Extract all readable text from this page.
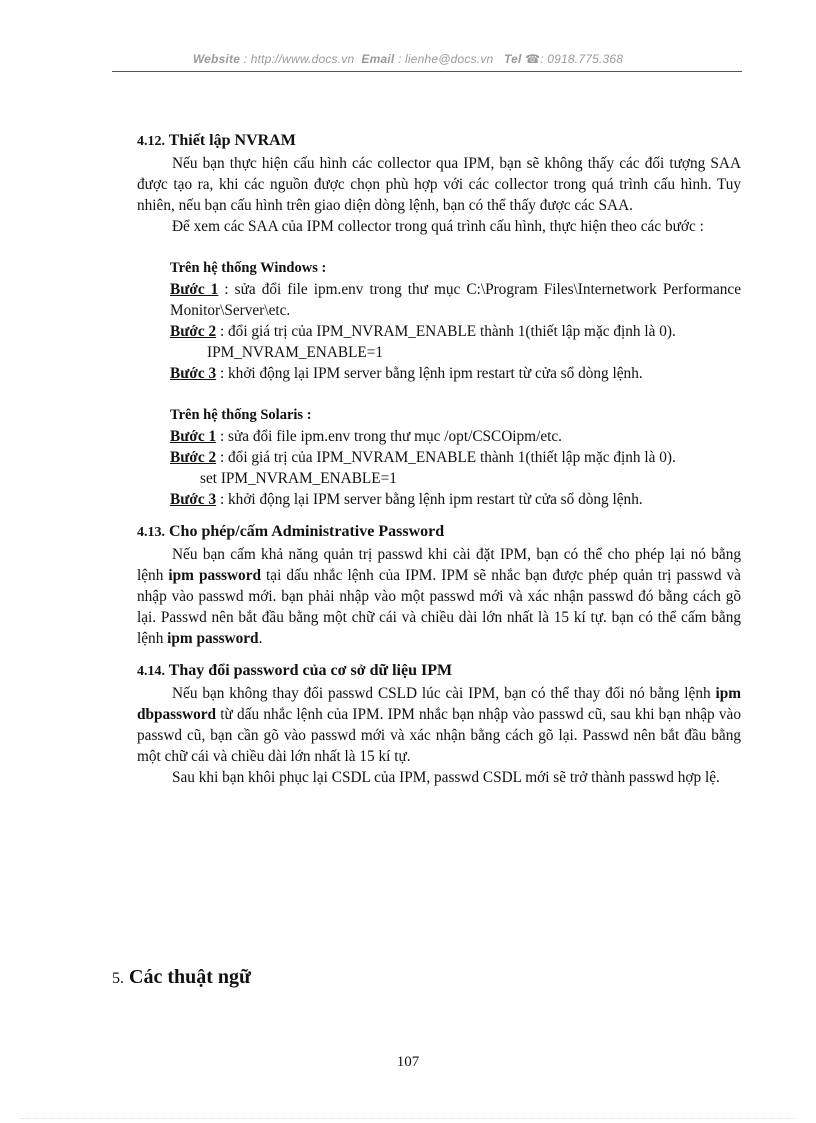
Website : http://www.docs.vn Email : lienhe@docs.vn Tel ☎: 0918.775.368
4.12. Thiết lập NVRAM

Nếu bạn thực hiện cấu hình các collector qua IPM, bạn sẽ không thấy các đối tượng SAA được tạo ra, khi các nguồn được chọn phù hợp với các collector trong quá trình cấu hình. Tuy nhiên, nếu bạn cấu hình trên giao diện dòng lệnh, bạn có thể thấy được các SAA.

Để xem các SAA của IPM collector trong quá trình cấu hình, thực hiện theo các bước :

Trên hệ thống Windows :

Bước 1 : sửa đổi file ipm.env trong thư mục C:\Program Files\Internetwork Performance Monitor\Server\etc.

Bước 2 : đổi giá trị của IPM_NVRAM_ENABLE thành 1(thiết lập mặc định là 0).

IPM_NVRAM_ENABLE=1

Bước 3 : khởi động lại IPM server bằng lệnh ipm restart từ cửa sổ dòng lệnh.

Trên hệ thống Solaris :

Bước 1 : sửa đổi file ipm.env trong thư mục /opt/CSCOipm/etc.

Bước 2 : đổi giá trị của IPM_NVRAM_ENABLE thành 1(thiết lập mặc định là 0).

set IPM_NVRAM_ENABLE=1

Bước 3 : khởi động lại IPM server bằng lệnh ipm restart từ cửa sổ dòng lệnh.

4.13. Cho phép/cấm Administrative Password

Nếu bạn cấm khả năng quản trị passwd khi cài đặt IPM, bạn có thể cho phép lại nó bằng lệnh ipm password tại dấu nhắc lệnh của IPM. IPM sẽ nhắc bạn được phép quản trị passwd và nhập vào passwd mới. bạn phải nhập vào một passwd mới và xác nhận passwd đó bằng cách gõ lại. Passwd nên bắt đầu bằng một chữ cái và chiều dài lớn nhất là 15 kí tự. bạn có thể cấm bằng lệnh ipm password.

4.14. Thay đổi password của cơ sở dữ liệu IPM

Nếu bạn không thay đổi passwd CSLD lúc cài IPM, bạn có thể thay đổi nó bằng lệnh ipm dbpassword từ dấu nhắc lệnh của IPM. IPM nhắc bạn nhập vào passwd cũ, sau khi bạn nhập vào passwd cũ, bạn cần gõ vào passwd mới và xác nhận bằng cách gõ lại. Passwd nên bắt đầu bằng một chữ cái và chiều dài lớn nhất là 15 kí tự.

Sau khi bạn khôi phục lại CSDL của IPM, passwd CSDL mới sẽ trở thành passwd hợp lệ.

5. Các thuật ngữ
107
